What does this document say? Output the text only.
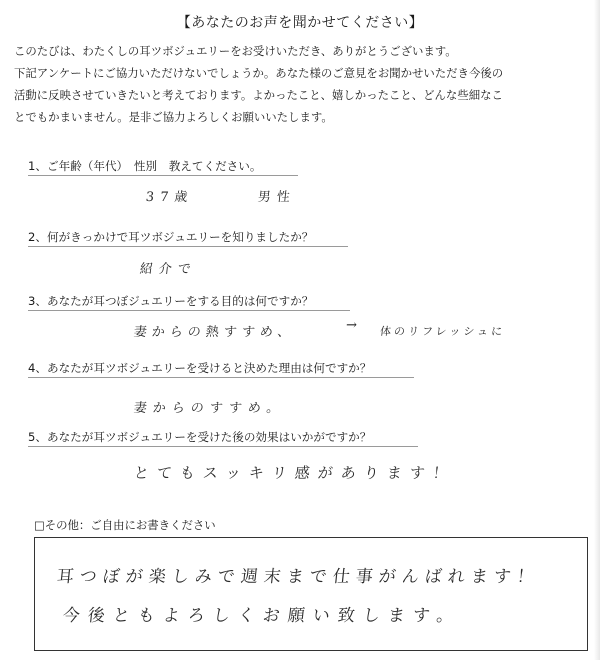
【あなたのお声を聞かせてください】
このたびは、わたくしの耳ツボジュエリーをお受けいただき、ありがとうございます。
下記アンケートにご協力いただけないでしょうか。あなた様のご意見をお聞かせいただき今後の
活動に反映させていきたいと考えております。よかったこと、嬉しかったこと、どんな些細なこ
とでもかまいません。是非ご協力よろしくお願いいたします。
1、ご年齢（年代）　性別　教えてください。
37歳	男性
2、何がきっかけで耳ツボジュエリーを知りましたか？
紹介で
3、あなたが耳つぼジュエリーをする目的は何ですか？
妻からの熱すすめ、	→ 体のリフレッシュに
4、あなたが耳ツボジュエリーを受けると決めた理由は何ですか？
妻からのすすめ。
5、あなたが耳ツボジュエリーを受けた後の効果はいかがですか？
とてもスッキリ感があります！
□その他：ご自由にお書きください
耳つぼが楽しみで週末まで仕事がんばれます！
今後ともよろしくお願い致します。
